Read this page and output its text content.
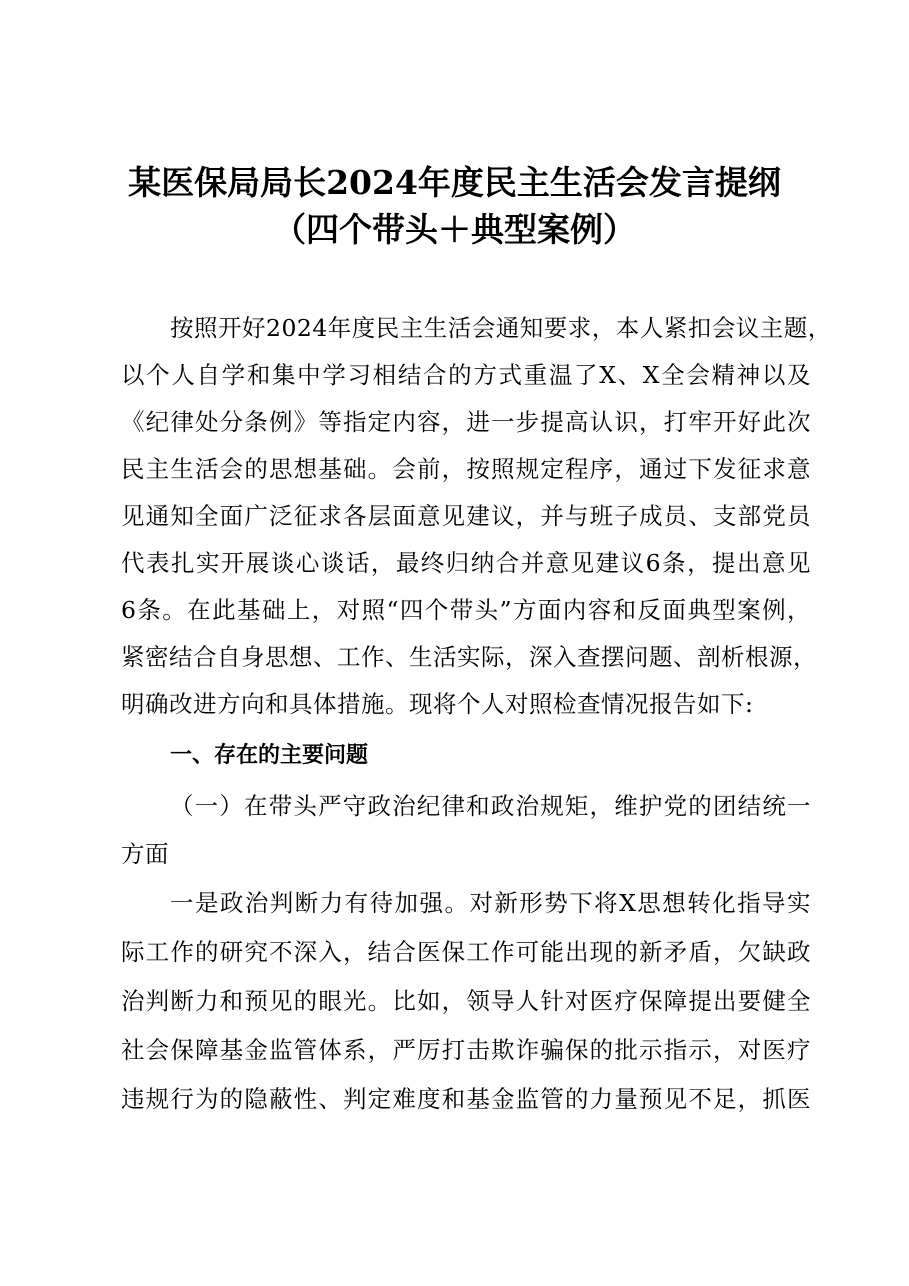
某医保局局长2024年度民主生活会发言提纲
（四个带头＋典型案例）

按照开好2024年度民主生活会通知要求，本人紧扣会议主题，

以个人自学和集中学习相结合的方式重温了X、X全会精神以及

《纪律处分条例》等指定内容，进一步提高认识，打牢开好此次

民主生活会的思想基础。会前，按照规定程序，通过下发征求意

见通知全面广泛征求各层面意见建议，并与班子成员、支部党员

代表扎实开展谈心谈话，最终归纳合并意见建议6条，提出意见

6条。在此基础上，对照“四个带头”方面内容和反面典型案例，

紧密结合自身思想、工作、生活实际，深入查摆问题、剖析根源，

明确改进方向和具体措施。现将个人对照检查情况报告如下:

一、存在的主要问题

（一）在带头严守政治纪律和政治规矩，维护党的团结统一

方面

一是政治判断力有待加强。对新形势下将X思想转化指导实

际工作的研究不深入，结合医保工作可能出现的新矛盾，欠缺政

治判断力和预见的眼光。比如，领导人针对医疗保障提出要健全

社会保障基金监管体系，严厉打击欺诈骗保的批示指示，对医疗

违规行为的隐蔽性、判定难度和基金监管的力量预见不足，抓医
